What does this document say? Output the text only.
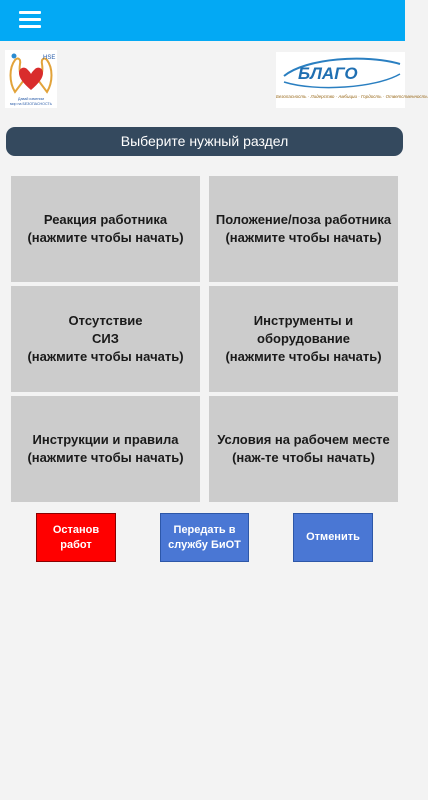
HSE
Давай изменим
мир на БЕЗОПАСНОСТЬ
БЛАГО
Безопасность · Лидерство · Амбиции · Гордость · Ответственность
Выберите нужный раздел
Реакция работника
(нажмите чтобы начать)
Положение/поза работника
(нажмите чтобы начать)
Отсутствие
СИЗ
(нажмите чтобы начать)
Инструменты и
оборудование
(нажмите чтобы начать)
Инструкции и правила
(нажмите чтобы начать)
Условия на рабочем месте
(наж-те чтобы начать)
Останов
работ
Передать в
службу БиОТ
Отменить
